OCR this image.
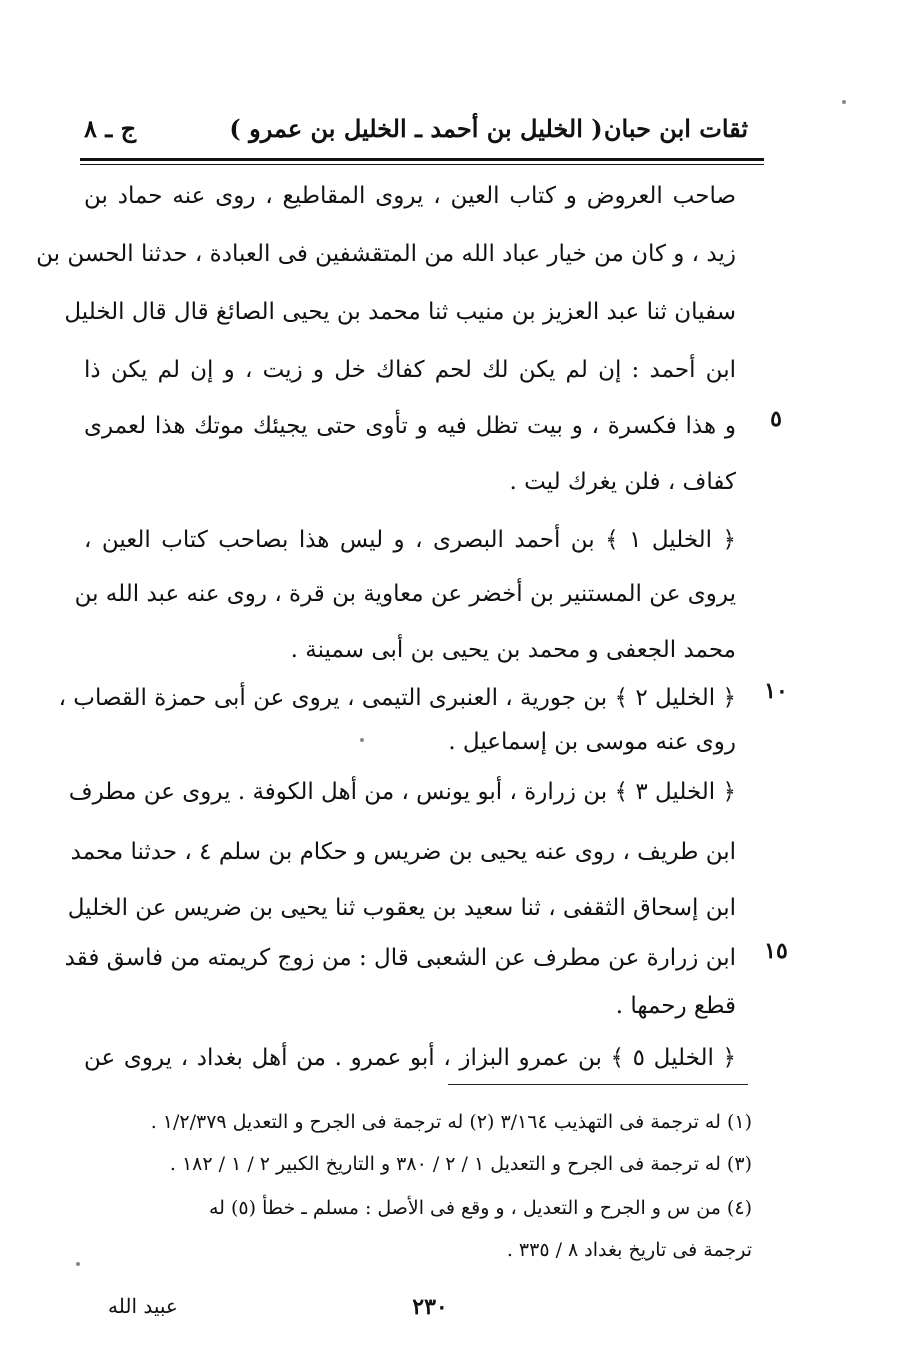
ثقات ابن حبان
( الخليل بن أحمد ـ الخليل بن عمرو )
ج ـ ٨
صاحب العروض و كتاب العين ، يروى المقاطيع ، روى عنه حماد بن
زيد ، و كان من خيار عباد الله من المتقشفين فى العبادة ، حدثنا الحسن بن
سفيان ثنا عبد العزيز بن منيب ثنا محمد بن يحيى الصائغ قال قال الخليل
ابن أحمد : إن لم يكن لك لحم كفاك خل و زيت ، و إن لم يكن ذا
و هذا فكسرة ، و بيت تظل فيه و تأوى حتى يجيئك موتك هذا لعمرى
كفاف ، فلن يغرك ليت .
﴿ الخليل ١ ﴾ بن أحمد البصرى ، و ليس هذا بصاحب كتاب العين ،
يروى عن المستنير بن أخضر عن معاوية بن قرة ، روى عنه عبد الله بن
محمد الجعفى و محمد بن يحيى بن أبى سمينة .
﴿ الخليل ٢ ﴾ بن جورية ، العنبرى التيمى ، يروى عن أبى حمزة القصاب ،
روى عنه موسى بن إسماعيل .
﴿ الخليل ٣ ﴾ بن زرارة ، أبو يونس ، من أهل الكوفة . يروى عن مطرف
ابن طريف ، روى عنه يحيى بن ضريس و حكام بن سلم ٤ ، حدثنا محمد
ابن إسحاق الثقفى ، ثنا سعيد بن يعقوب ثنا يحيى بن ضريس عن الخليل
ابن زرارة عن مطرف عن الشعبى قال : من زوج كريمته من فاسق فقد
قطع رحمها .
﴿ الخليل ٥ ﴾ بن عمرو البزاز ، أبو عمرو . من أهل بغداد ، يروى عن
٥
١٠
١٥
(١) له ترجمة فى التهذيب ٣/١٦٤ (٢) له ترجمة فى الجرح و التعديل ١/٢/٣٧٩ .
(٣) له ترجمة فى الجرح و التعديل ١ / ٢ / ٣٨٠ و التاريخ الكبير ٢ / ١ / ١٨٢ .
(٤) من س و الجرح و التعديل ، و وقع فى الأصل : مسلم ـ خطأ (٥) له
ترجمة فى تاريخ بغداد ٨ / ٣٣٥ .
٢٣٠
عبيد الله
